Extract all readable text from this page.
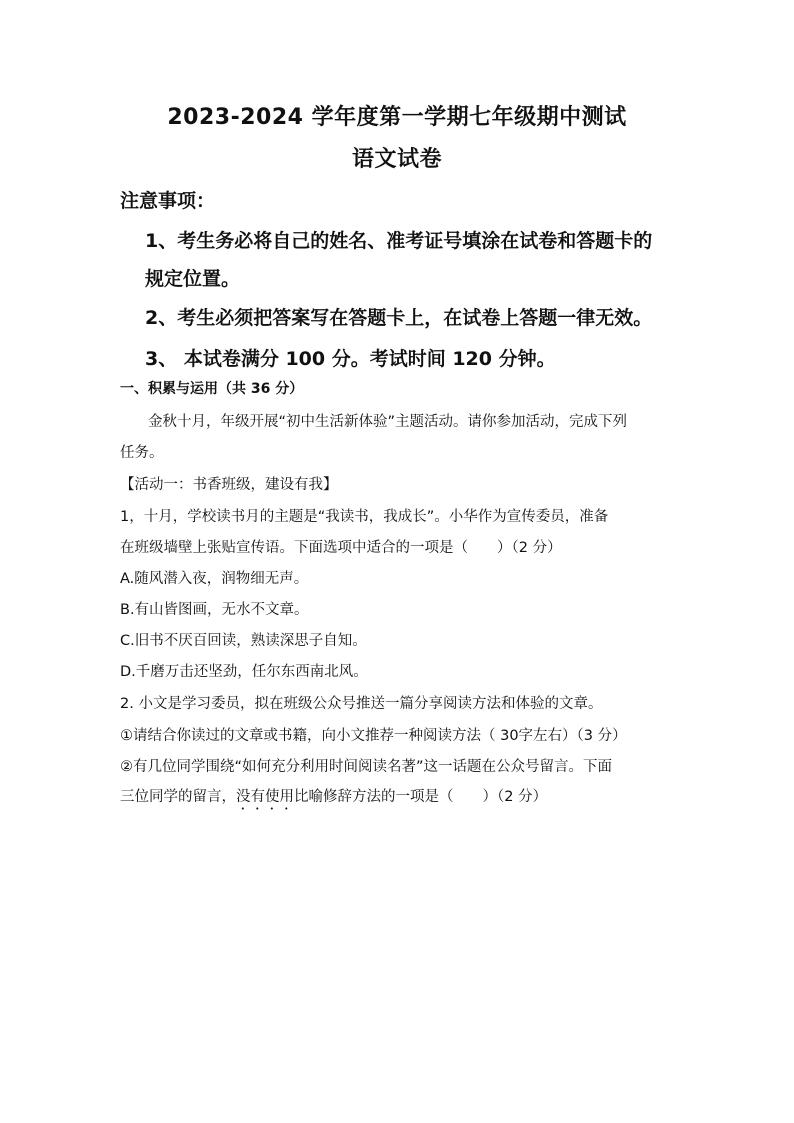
2023-2024 学年度第一学期七年级期中测试
语文试卷
注意事项：
1、考生务必将自己的姓名、准考证号填涂在试卷和答题卡的
规定位置。
2、考生必须把答案写在答题卡上，在试卷上答题一律无效。
3、 本试卷满分 100 分。考试时间 120 分钟。
一、积累与运用（共 36 分）
金秋十月，年级开展“初中生活新体验”主题活动。请你参加活动，完成下列
任务。
【活动一：书香班级，建设有我】
1，十月，学校读书月的主题是“我读书，我成长”。小华作为宣传委员，准备
在班级墙壁上张贴宣传语。下面选项中适合的一项是（　　）（2 分）
A.随风潜入夜，润物细无声。
B.有山皆图画，无水不文章。
C.旧书不厌百回读，熟读深思子自知。
D.千磨万击还坚劲，任尔东西南北风。
2. 小文是学习委员，拟在班级公众号推送一篇分享阅读方法和体验的文章。
①请结合你读过的文章或书籍，向小文推荐一种阅读方法（ 30字左右）（3 分）
②有几位同学围绕“如何充分利用时间阅读名著”这一话题在公众号留言。下面
三位同学的留言，没有使用比喻修辞方法的一项是（　　）（2 分）
